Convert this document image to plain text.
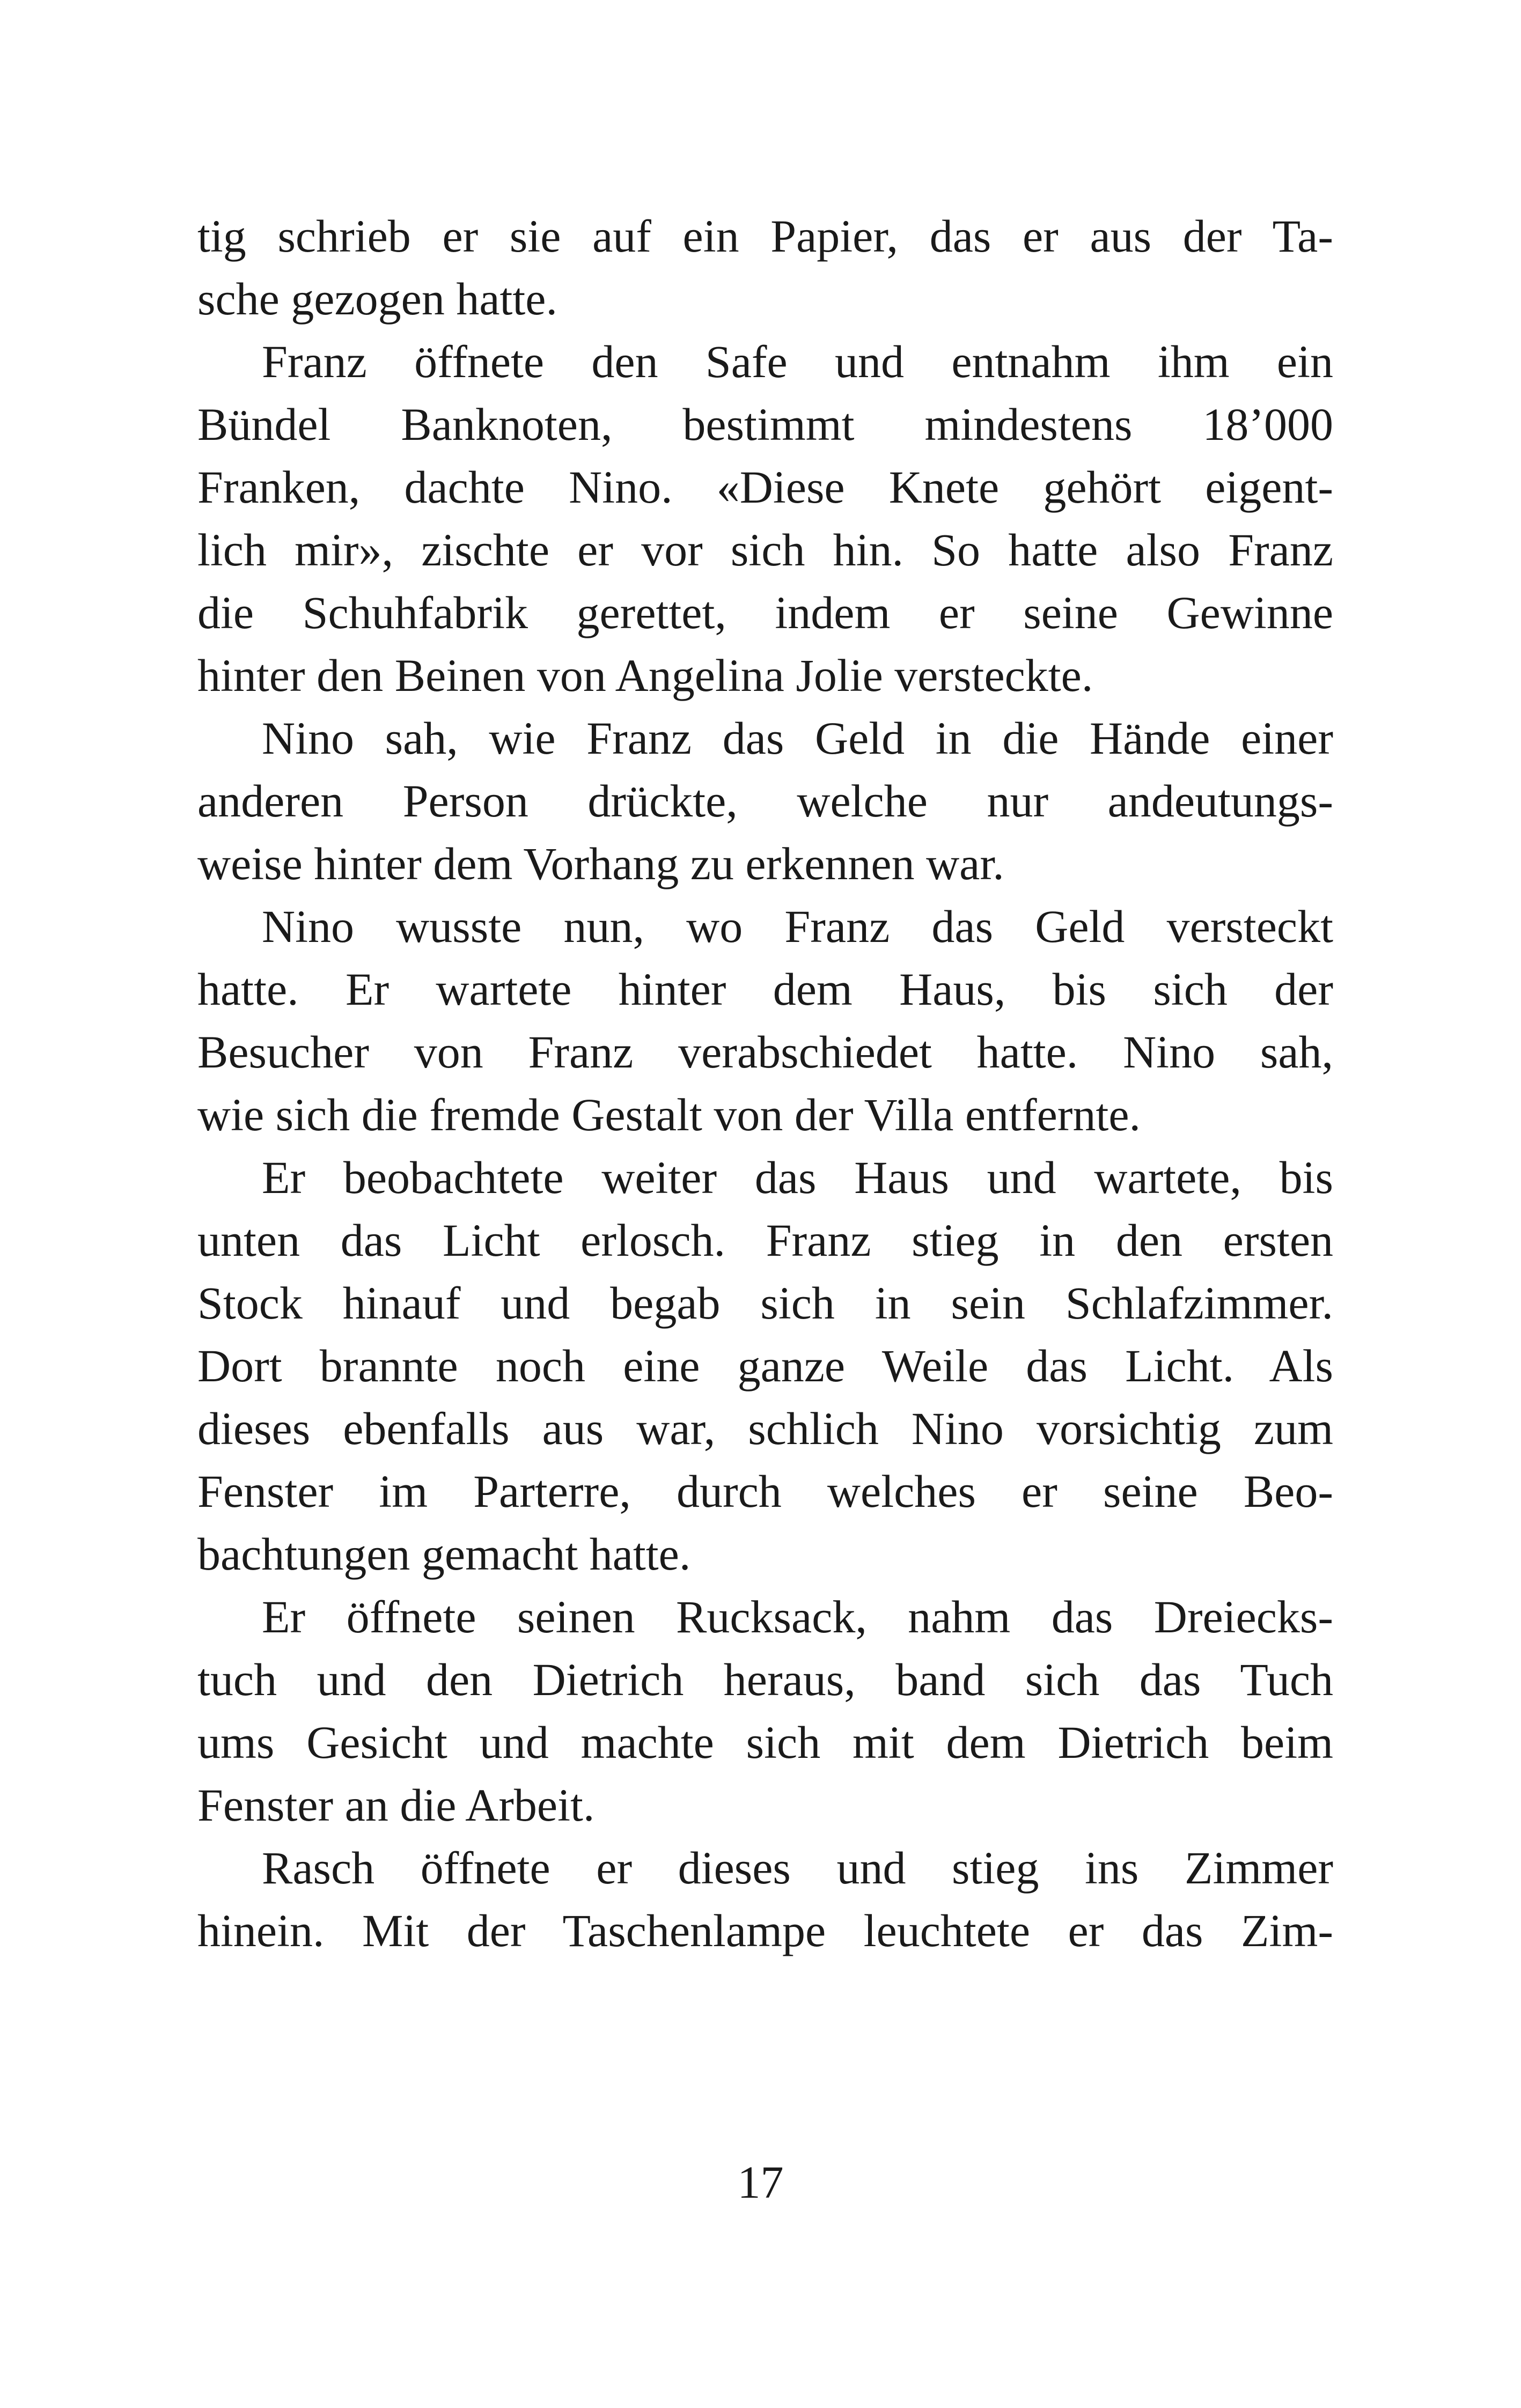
tig schrieb er sie auf ein Papier, das er aus der Ta-
sche gezogen hatte.
Franz öffnete den Safe und entnahm ihm ein
Bündel Banknoten, bestimmt mindestens 18’000
Franken, dachte Nino. «Diese Knete gehört eigent-
lich mir», zischte er vor sich hin. So hatte also Franz
die Schuhfabrik gerettet, indem er seine Gewinne
hinter den Beinen von Angelina Jolie versteckte.
Nino sah, wie Franz das Geld in die Hände einer
anderen Person drückte, welche nur andeutungs-
weise hinter dem Vorhang zu erkennen war.
Nino wusste nun, wo Franz das Geld versteckt
hatte. Er wartete hinter dem Haus, bis sich der
Besucher von Franz verabschiedet hatte. Nino sah,
wie sich die fremde Gestalt von der Villa entfernte.
Er beobachtete weiter das Haus und wartete, bis
unten das Licht erlosch. Franz stieg in den ersten
Stock hinauf und begab sich in sein Schlafzimmer.
Dort brannte noch eine ganze Weile das Licht. Als
dieses ebenfalls aus war, schlich Nino vorsichtig zum
Fenster im Parterre, durch welches er seine Beo-
bachtungen gemacht hatte.
Er öffnete seinen Rucksack, nahm das Dreiecks-
tuch und den Dietrich heraus, band sich das Tuch
ums Gesicht und machte sich mit dem Dietrich beim
Fenster an die Arbeit.
Rasch öffnete er dieses und stieg ins Zimmer
hinein. Mit der Taschenlampe leuchtete er das Zim-
17
